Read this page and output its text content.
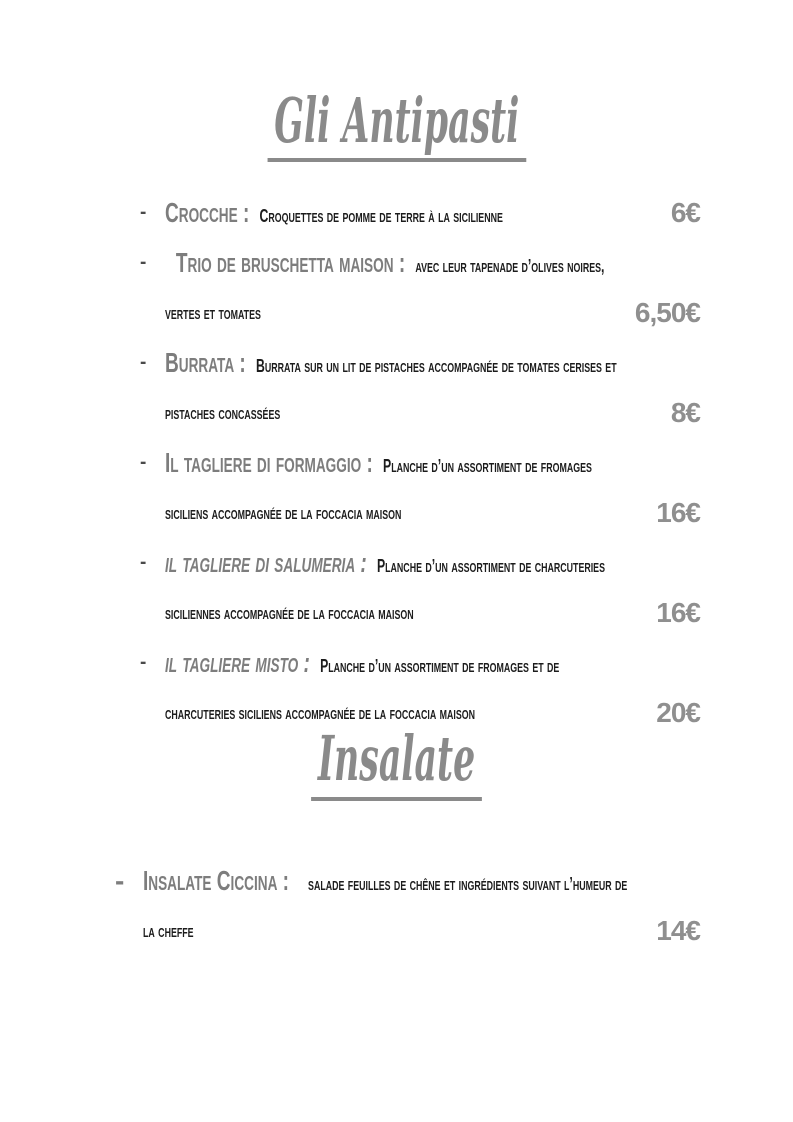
Gli Antipasti
- Crocche : Croquettes de pomme de terre à la sicilienne	6€
- Trio de bruschetta maison : avec leur tapenade d’olives noires,
vertes et tomates	6,50€
- Burrata : Burrata sur un lit de pistaches accompagnée de tomates cerises et
pistaches concassées	8€
- Il tagliere di formaggio : Planche d’un assortiment de fromages
siciliens accompagnée de la foccacia maison	16€
- il tagliere di salumeria : Planche d’un assortiment de charcuteries
siciliennes accompagnée de la foccacia maison	16€
- il tagliere misto : Planche d’un assortiment de fromages et de
charcuteries siciliens accompagnée de la foccacia maison	20€
Insalate
- Insalate Ciccina : salade feuilles de chêne et ingrédients suivant l’humeur de
la cheffe	14€
